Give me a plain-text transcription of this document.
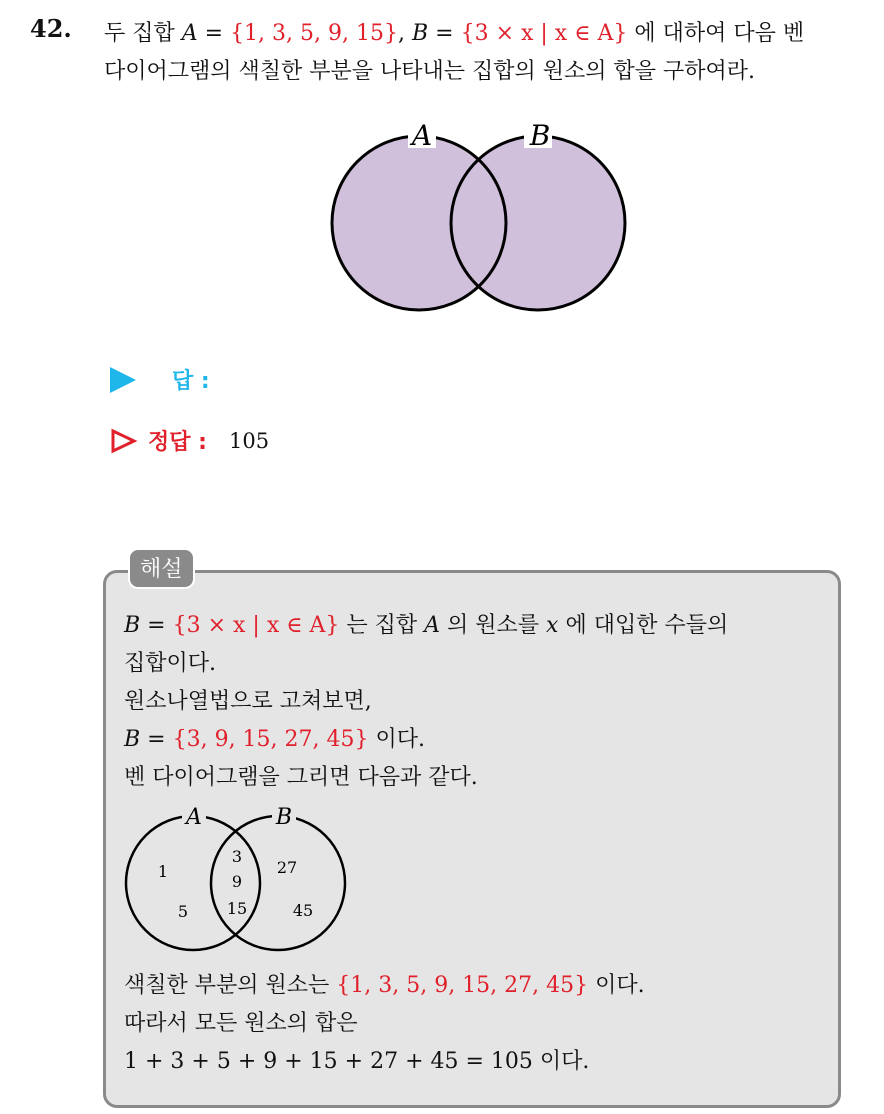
42. 두 집합 A = {1, 3, 5, 9, 15}, B = {3 × x | x ∈ A} 에 대하여 다음 벤
다이어그램의 색칠한 부분을 나타내는 집합의 원소의 합을 구하여라.
A	B
답 :
정답 : 105
해설
B = {3 × x | x ∈ A} 는 집합 A 의 원소를 x 에 대입한 수들의
집합이다.
원소나열법으로 고쳐보면,
B = {3, 9, 15, 27, 45} 이다.
벤 다이어그램을 그리면 다음과 같다.
A	B
1
5
3
9
15
27
45
색칠한 부분의 원소는 {1, 3, 5, 9, 15, 27, 45} 이다.
따라서 모든 원소의 합은
1 + 3 + 5 + 9 + 15 + 27 + 45 = 105 이다.
